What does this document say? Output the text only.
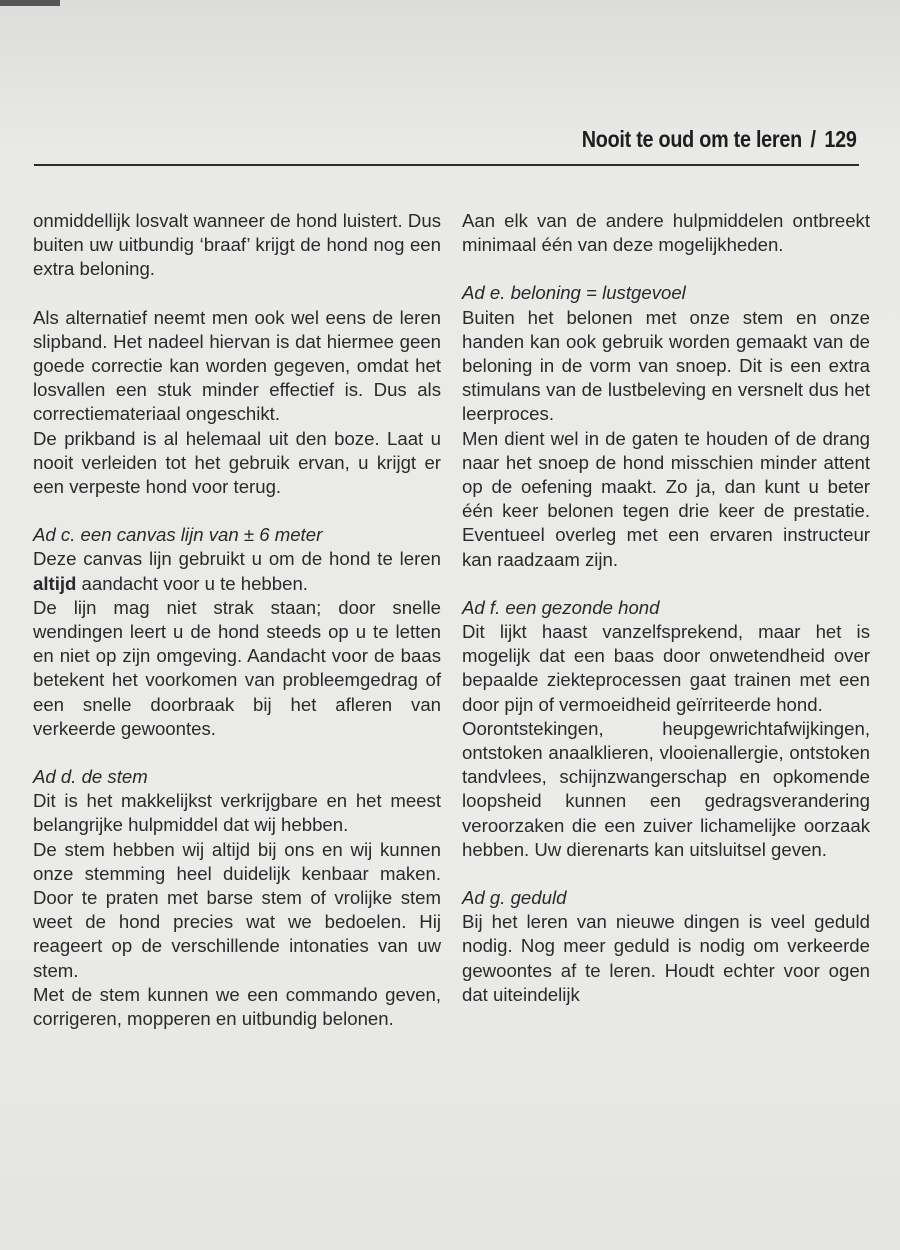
Nooit te oud om te leren / 129

onmiddellijk losvalt wanneer de hond luistert. Dus buiten uw uitbundig ‘braaf’ krijgt de hond nog een extra beloning.

Als alternatief neemt men ook wel eens de leren slipband. Het nadeel hiervan is dat hiermee geen goede correctie kan worden gegeven, omdat het losvallen een stuk minder effectief is. Dus als correctiemateriaal ongeschikt.

De prikband is al helemaal uit den boze. Laat u nooit verleiden tot het gebruik ervan, u krijgt er een verpeste hond voor terug.

Ad c. een canvas lijn van ± 6 meter

Deze canvas lijn gebruikt u om de hond te leren altijd aandacht voor u te hebben.

De lijn mag niet strak staan; door snelle wendingen leert u de hond steeds op u te letten en niet op zijn omgeving. Aandacht voor de baas betekent het voorkomen van probleemgedrag of een snelle doorbraak bij het afleren van verkeerde gewoontes.

Ad d. de stem

Dit is het makkelijkst verkrijgbare en het meest belangrijke hulpmiddel dat wij hebben.

De stem hebben wij altijd bij ons en wij kunnen onze stemming heel duidelijk kenbaar maken. Door te praten met barse stem of vrolijke stem weet de hond precies wat we bedoelen. Hij reageert op de verschillende intonaties van uw stem.

Met de stem kunnen we een commando geven, corrigeren, mopperen en uitbundig belonen.

Aan elk van de andere hulpmiddelen ontbreekt minimaal één van deze mogelijkheden.

Ad e. beloning = lustgevoel

Buiten het belonen met onze stem en onze handen kan ook gebruik worden gemaakt van de beloning in de vorm van snoep. Dit is een extra stimulans van de lustbeleving en versnelt dus het leerproces.

Men dient wel in de gaten te houden of de drang naar het snoep de hond misschien minder attent op de oefening maakt. Zo ja, dan kunt u beter één keer belonen tegen drie keer de prestatie. Eventueel overleg met een ervaren instructeur kan raadzaam zijn.

Ad f. een gezonde hond

Dit lijkt haast vanzelfsprekend, maar het is mogelijk dat een baas door onwetendheid over bepaalde ziekteprocessen gaat trainen met een door pijn of vermoeidheid geïrriteerde hond.

Oorontstekingen, heupgewrichtafwijkingen, ontstoken anaalklieren, vlooienallergie, ontstoken tandvlees, schijnzwangerschap en opkomende loopsheid kunnen een gedragsverandering veroorzaken die een zuiver lichamelijke oorzaak hebben. Uw dierenarts kan uitsluitsel geven.

Ad g. geduld

Bij het leren van nieuwe dingen is veel geduld nodig. Nog meer geduld is nodig om verkeerde gewoontes af te leren. Houdt echter voor ogen dat uiteindelijk
